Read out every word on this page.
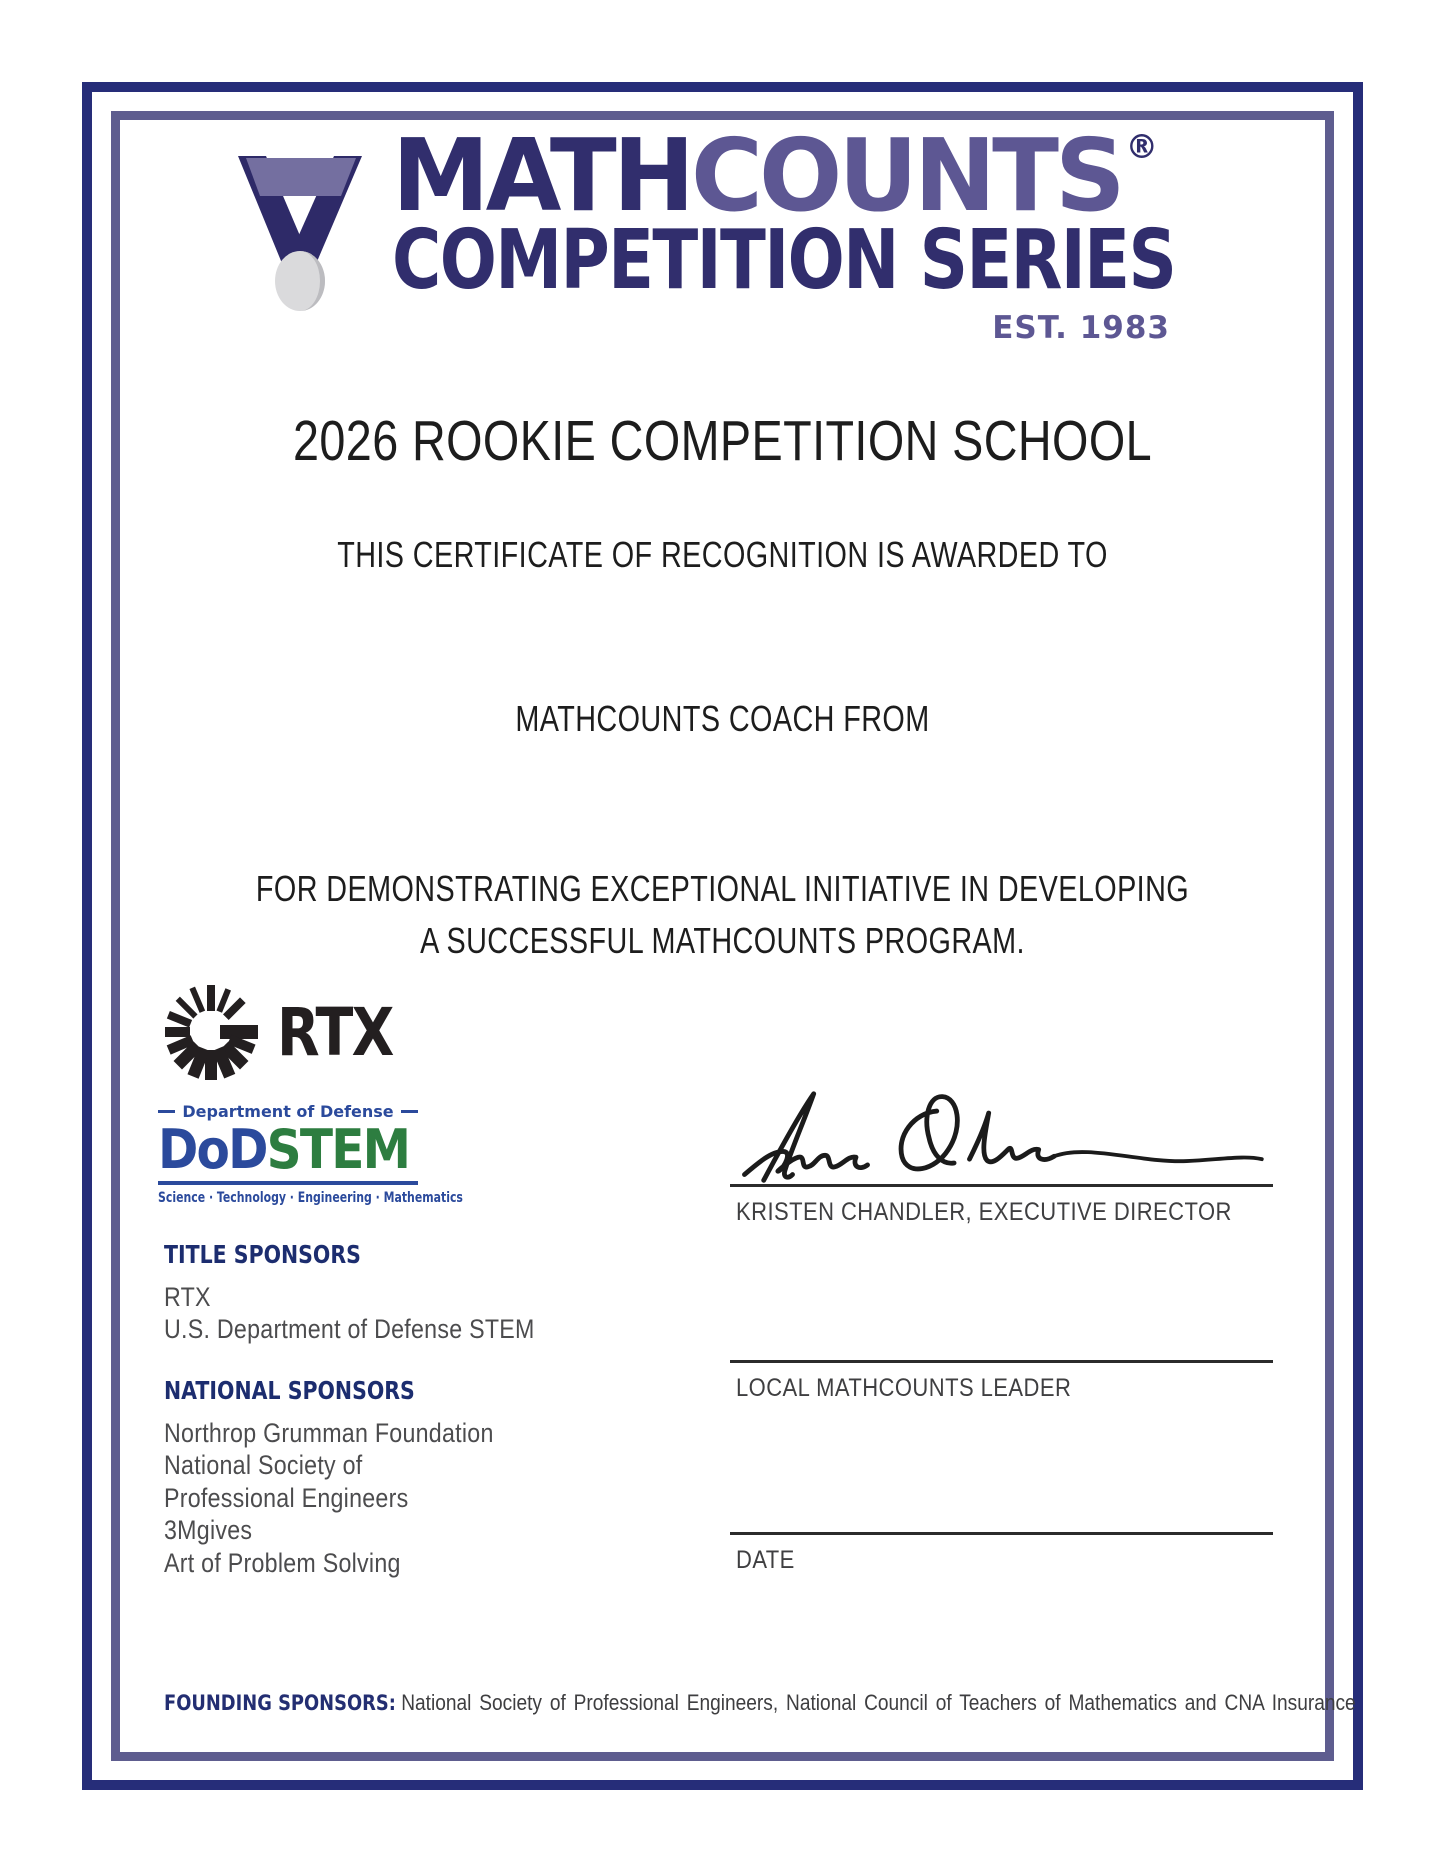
MATHCOUNTS ®
COMPETITION SERIES
EST. 1983
2026 ROOKIE COMPETITION SCHOOL
THIS CERTIFICATE OF RECOGNITION IS AWARDED TO
MATHCOUNTS COACH FROM
FOR DEMONSTRATING EXCEPTIONAL INITIATIVE IN DEVELOPING
A SUCCESSFUL MATHCOUNTS PROGRAM.
RTX
Department of Defense
DoDSTEM
Science · Technology · Engineering · Mathematics	KRISTEN CHANDLER, EXECUTIVE DIRECTOR
TITLE SPONSORS
RTX
U.S. Department of Defense STEM
LOCAL MATHCOUNTS LEADER
NATIONAL SPONSORS
Northrop Grumman Foundation
National Society of
Professional Engineers
3Mgives
Art of Problem Solving	DATE
FOUNDING SPONSORS: National Society of Professional Engineers, National Council of Teachers of Mathematics and CNA Insurance
